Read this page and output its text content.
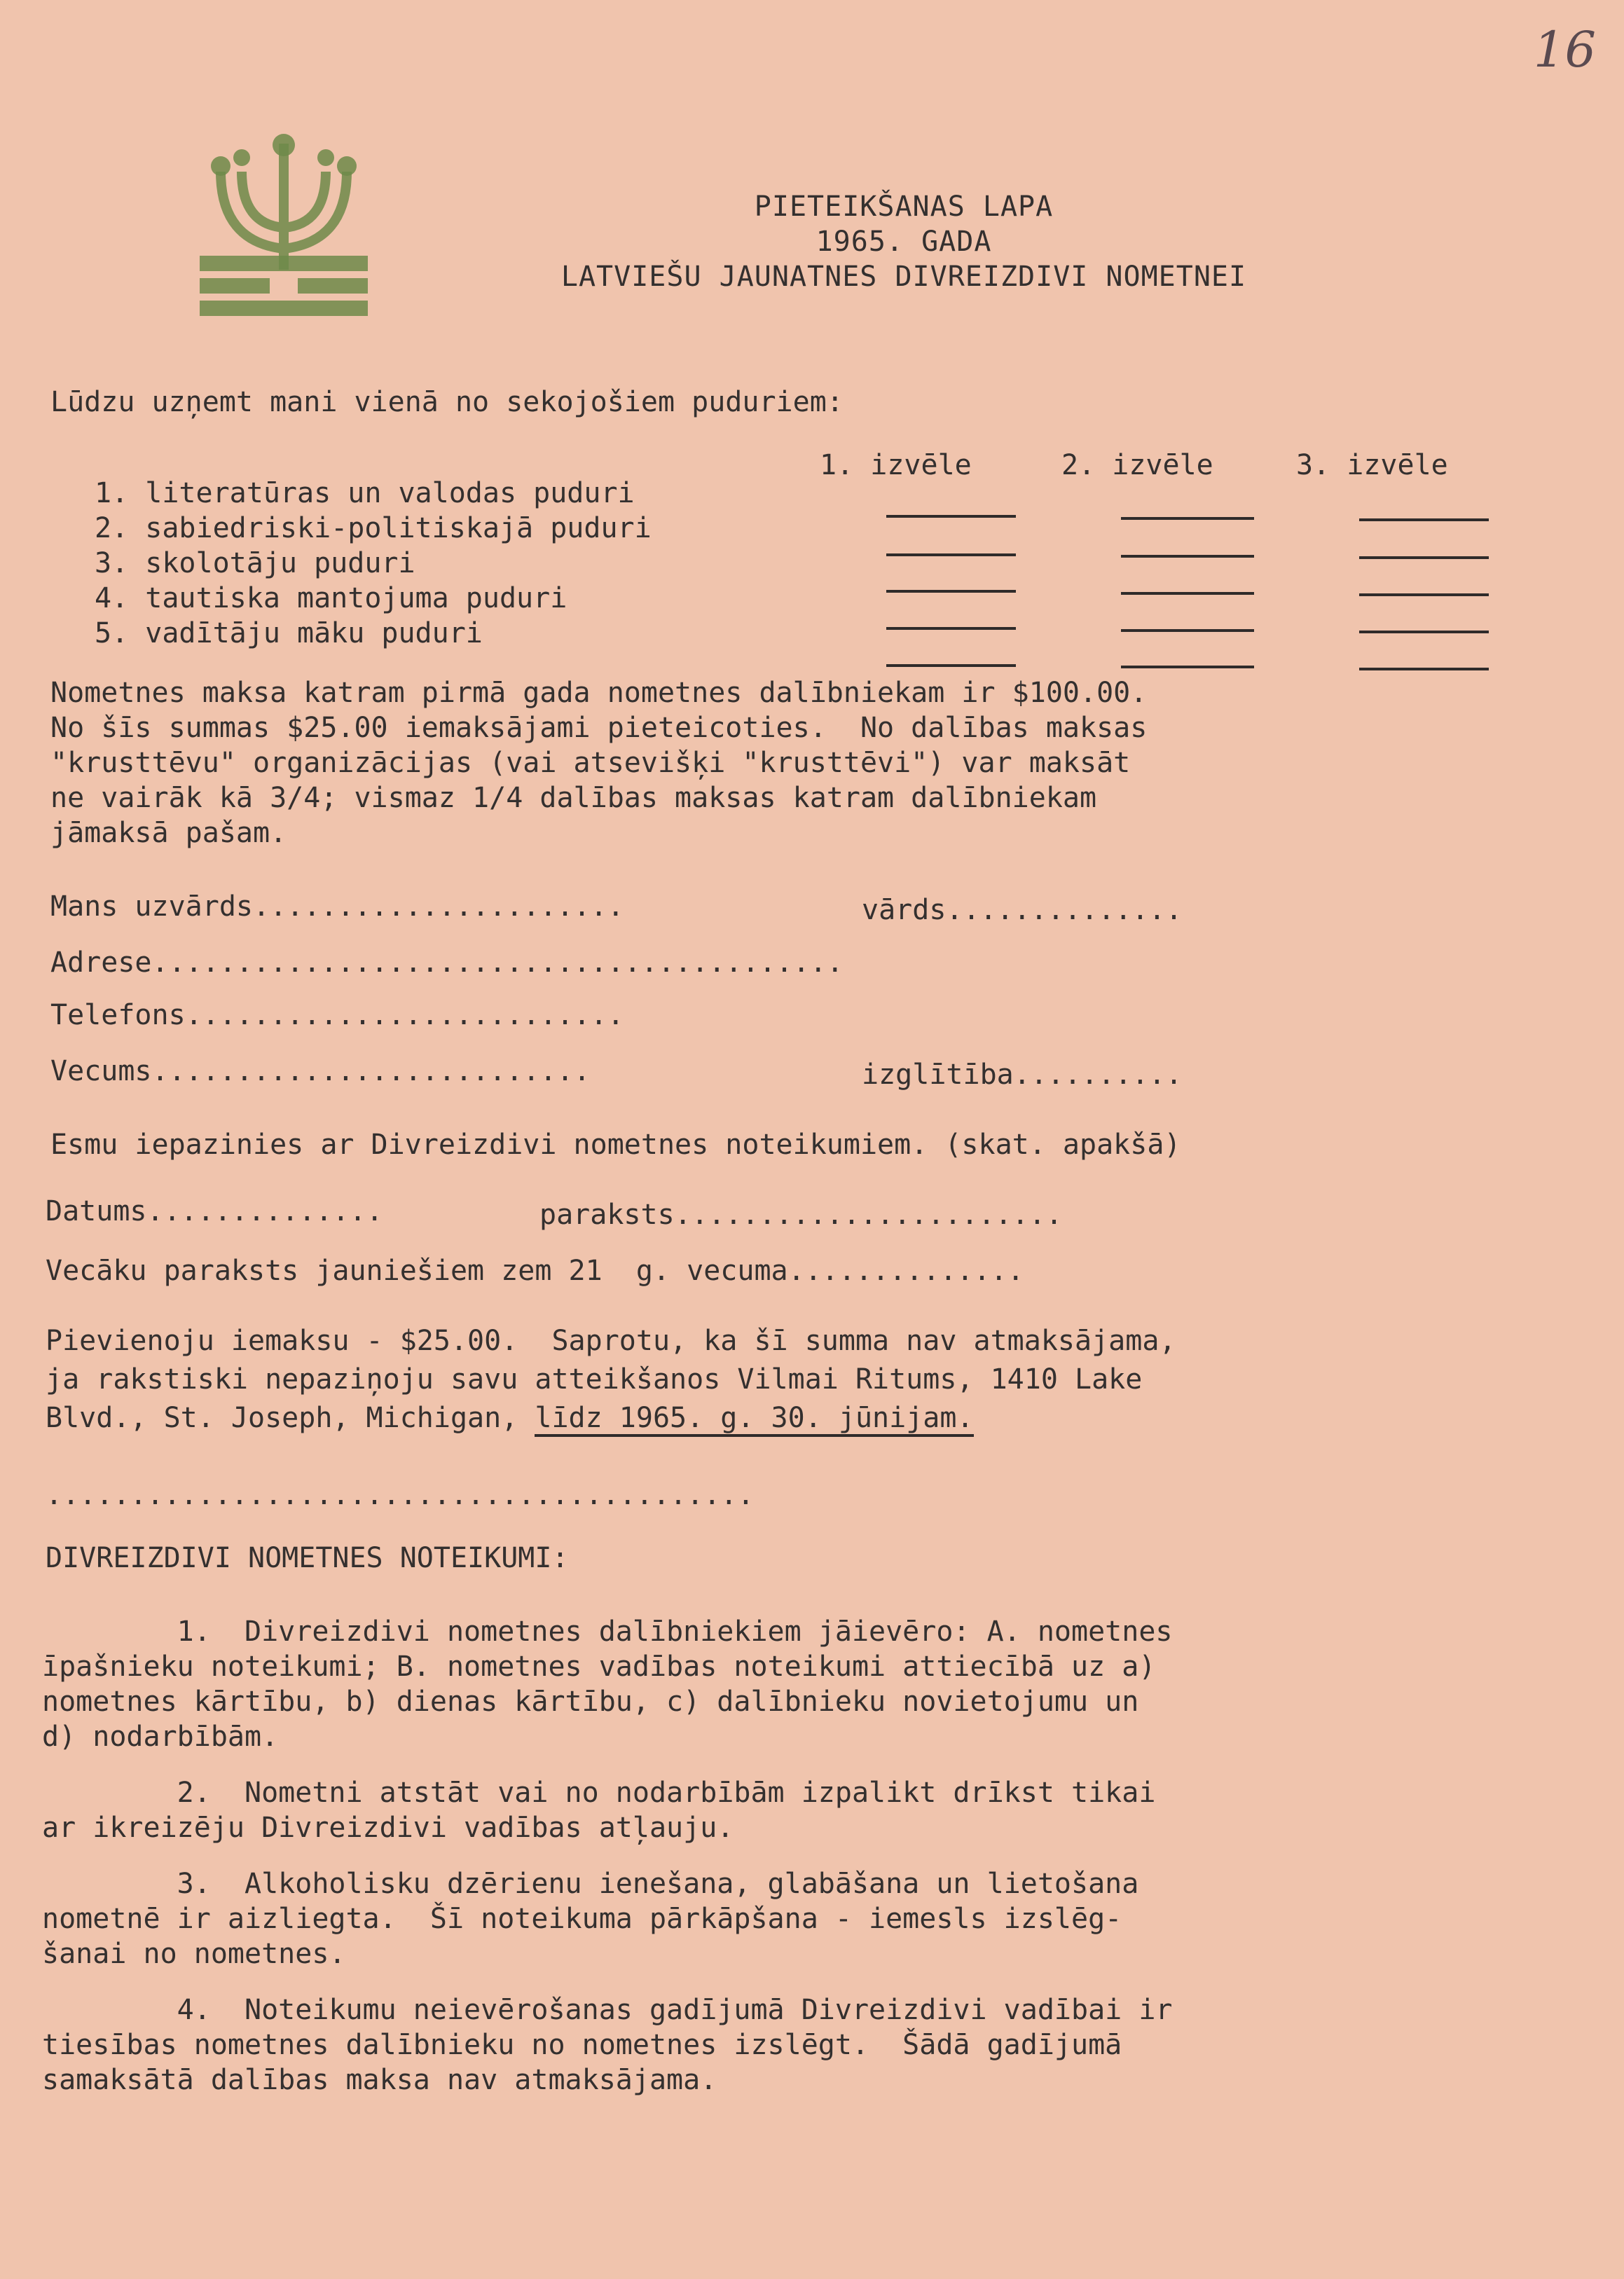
16
PIETEIKŠANAS LAPA
1965. GADA
LATVIEŠU JAUNATNES DIVREIZDIVI NOMETNEI
Lūdzu uzņemt mani vienā no sekojošiem puduriem:
1. izvēle	2. izvēle	3. izvēle
1. literatūras un valodas puduri
2. sabiedriski-politiskajā puduri
3. skolotāju puduri
4. tautiska mantojuma puduri
5. vadītāju māku puduri
Nometnes maksa katram pirmā gada nometnes dalībniekam ir $100.00.
No šīs summas $25.00 iemaksājami pieteicoties.  No dalības maksas
"krusttēvu" organizācijas (vai atsevišķi "krusttēvi") var maksāt
ne vairāk kā 3/4; vismaz 1/4 dalības maksas katram dalībniekam
jāmaksā pašam.
Mans uzvārds......................	vārds..............
Adrese.........................................
Telefons..........................
Vecums..........................	izglītība..........
Esmu iepazinies ar Divreizdivi nometnes noteikumiem. (skat. apakšā)
Datums..............	paraksts.......................
Vecāku paraksts jauniešiem zem 21  g. vecuma..............
Pievienoju iemaksu - $25.00.  Saprotu, ka šī summa nav atmaksājama,
ja rakstiski nepaziņoju savu atteikšanos Vilmai Ritums, 1410 Lake
Blvd., St. Joseph, Michigan, līdz 1965. g. 30. jūnijam.
..........................................
DIVREIZDIVI NOMETNES NOTEIKUMI:
1.  Divreizdivi nometnes dalībniekiem jāievēro: A. nometnes
īpašnieku noteikumi; B. nometnes vadības noteikumi attiecībā uz a)
nometnes kārtību, b) dienas kārtību, c) dalībnieku novietojumu un
d) nodarbībām.
2.  Nometni atstāt vai no nodarbībām izpalikt drīkst tikai
ar ikreizēju Divreizdivi vadības atļauju.
3.  Alkoholisku dzērienu ienešana, glabāšana un lietošana
nometnē ir aizliegta.  Šī noteikuma pārkāpšana - iemesls izslēg-
šanai no nometnes.
4.  Noteikumu neievērošanas gadījumā Divreizdivi vadībai ir
tiesības nometnes dalībnieku no nometnes izslēgt.  Šādā gadījumā
samaksātā dalības maksa nav atmaksājama.
